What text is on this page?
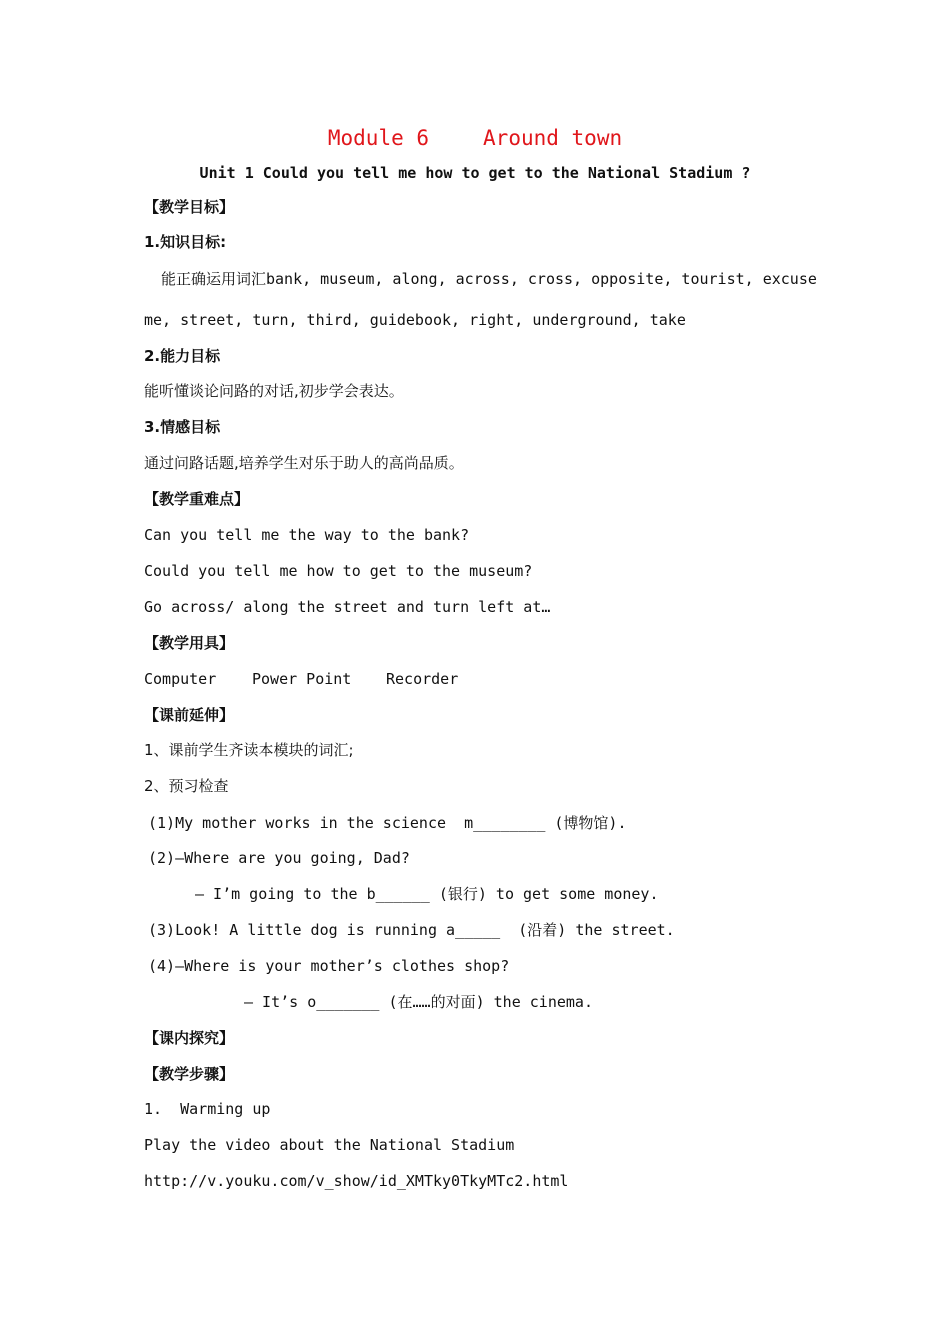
Module 6	Around town
Unit 1 Could you tell me how to get to the National Stadium ?
【教学目标】
1.知识目标:
能正确运用词汇bank, museum, along, across, cross, opposite, tourist, excuse
me, street, turn, third, guidebook, right, underground, take
2.能力目标
能听懂谈论问路的对话,初步学会表达。
3.情感目标
通过问路话题,培养学生对乐于助人的高尚品质。
【教学重难点】
Can you tell me the way to the bank?
Could you tell me how to get to the museum?
Go across/ along the street and turn left at…
【教学用具】
Computer Power Point Recorder
【课前延伸】
1、课前学生齐读本模块的词汇;
2、预习检查
(1)My mother works in the science  m________ (博物馆).
(2)—Where are you going, Dad?
— I’m going to the b______ (银行) to get some money.
(3)Look! A little dog is running a_____  (沿着) the street.
(4)—Where is your mother’s clothes shop?
— It’s o_______ (在……的对面) the cinema.
【课内探究】
【教学步骤】
1.  Warming up
Play the video about the National Stadium
http://v.youku.com/v_show/id_XMTky0TkyMTc2.html
